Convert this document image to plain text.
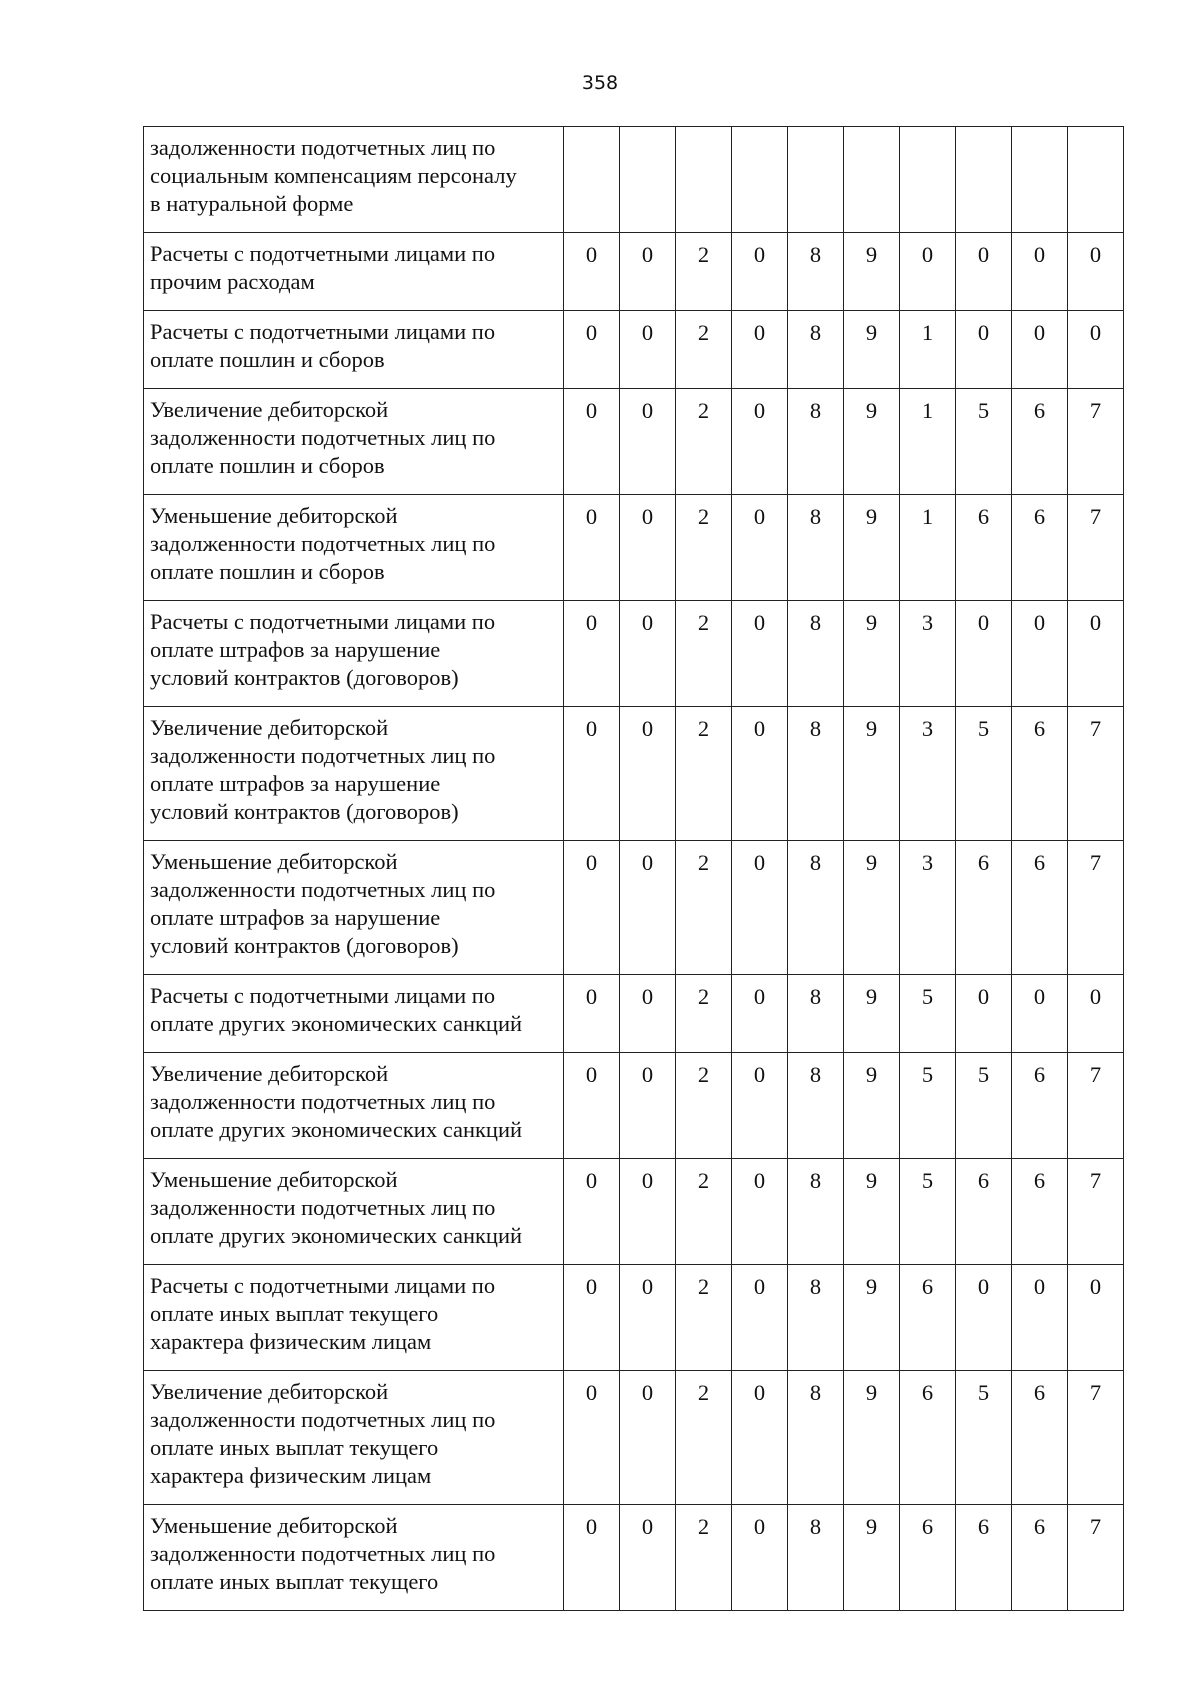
358
задолженности подотчетных лиц по
социальным компенсациям персоналу
в натуральной форме										
Расчеты с подотчетными лицами по
прочим расходам	0	0	2	0	8	9	0	0	0	0
Расчеты с подотчетными лицами по
оплате пошлин и сборов	0	0	2	0	8	9	1	0	0	0
Увеличение дебиторской
задолженности подотчетных лиц по
оплате пошлин и сборов	0	0	2	0	8	9	1	5	6	7
Уменьшение дебиторской
задолженности подотчетных лиц по
оплате пошлин и сборов	0	0	2	0	8	9	1	6	6	7
Расчеты с подотчетными лицами по
оплате штрафов за нарушение
условий контрактов (договоров)	0	0	2	0	8	9	3	0	0	0
Увеличение дебиторской
задолженности подотчетных лиц по
оплате штрафов за нарушение
условий контрактов (договоров)	0	0	2	0	8	9	3	5	6	7
Уменьшение дебиторской
задолженности подотчетных лиц по
оплате штрафов за нарушение
условий контрактов (договоров)	0	0	2	0	8	9	3	6	6	7
Расчеты с подотчетными лицами по
оплате других экономических санкций	0	0	2	0	8	9	5	0	0	0
Увеличение дебиторской
задолженности подотчетных лиц по
оплате других экономических санкций	0	0	2	0	8	9	5	5	6	7
Уменьшение дебиторской
задолженности подотчетных лиц по
оплате других экономических санкций	0	0	2	0	8	9	5	6	6	7
Расчеты с подотчетными лицами по
оплате иных выплат текущего
характера физическим лицам	0	0	2	0	8	9	6	0	0	0
Увеличение дебиторской
задолженности подотчетных лиц по
оплате иных выплат текущего
характера физическим лицам	0	0	2	0	8	9	6	5	6	7
Уменьшение дебиторской
задолженности подотчетных лиц по
оплате иных выплат текущего	0	0	2	0	8	9	6	6	6	7
